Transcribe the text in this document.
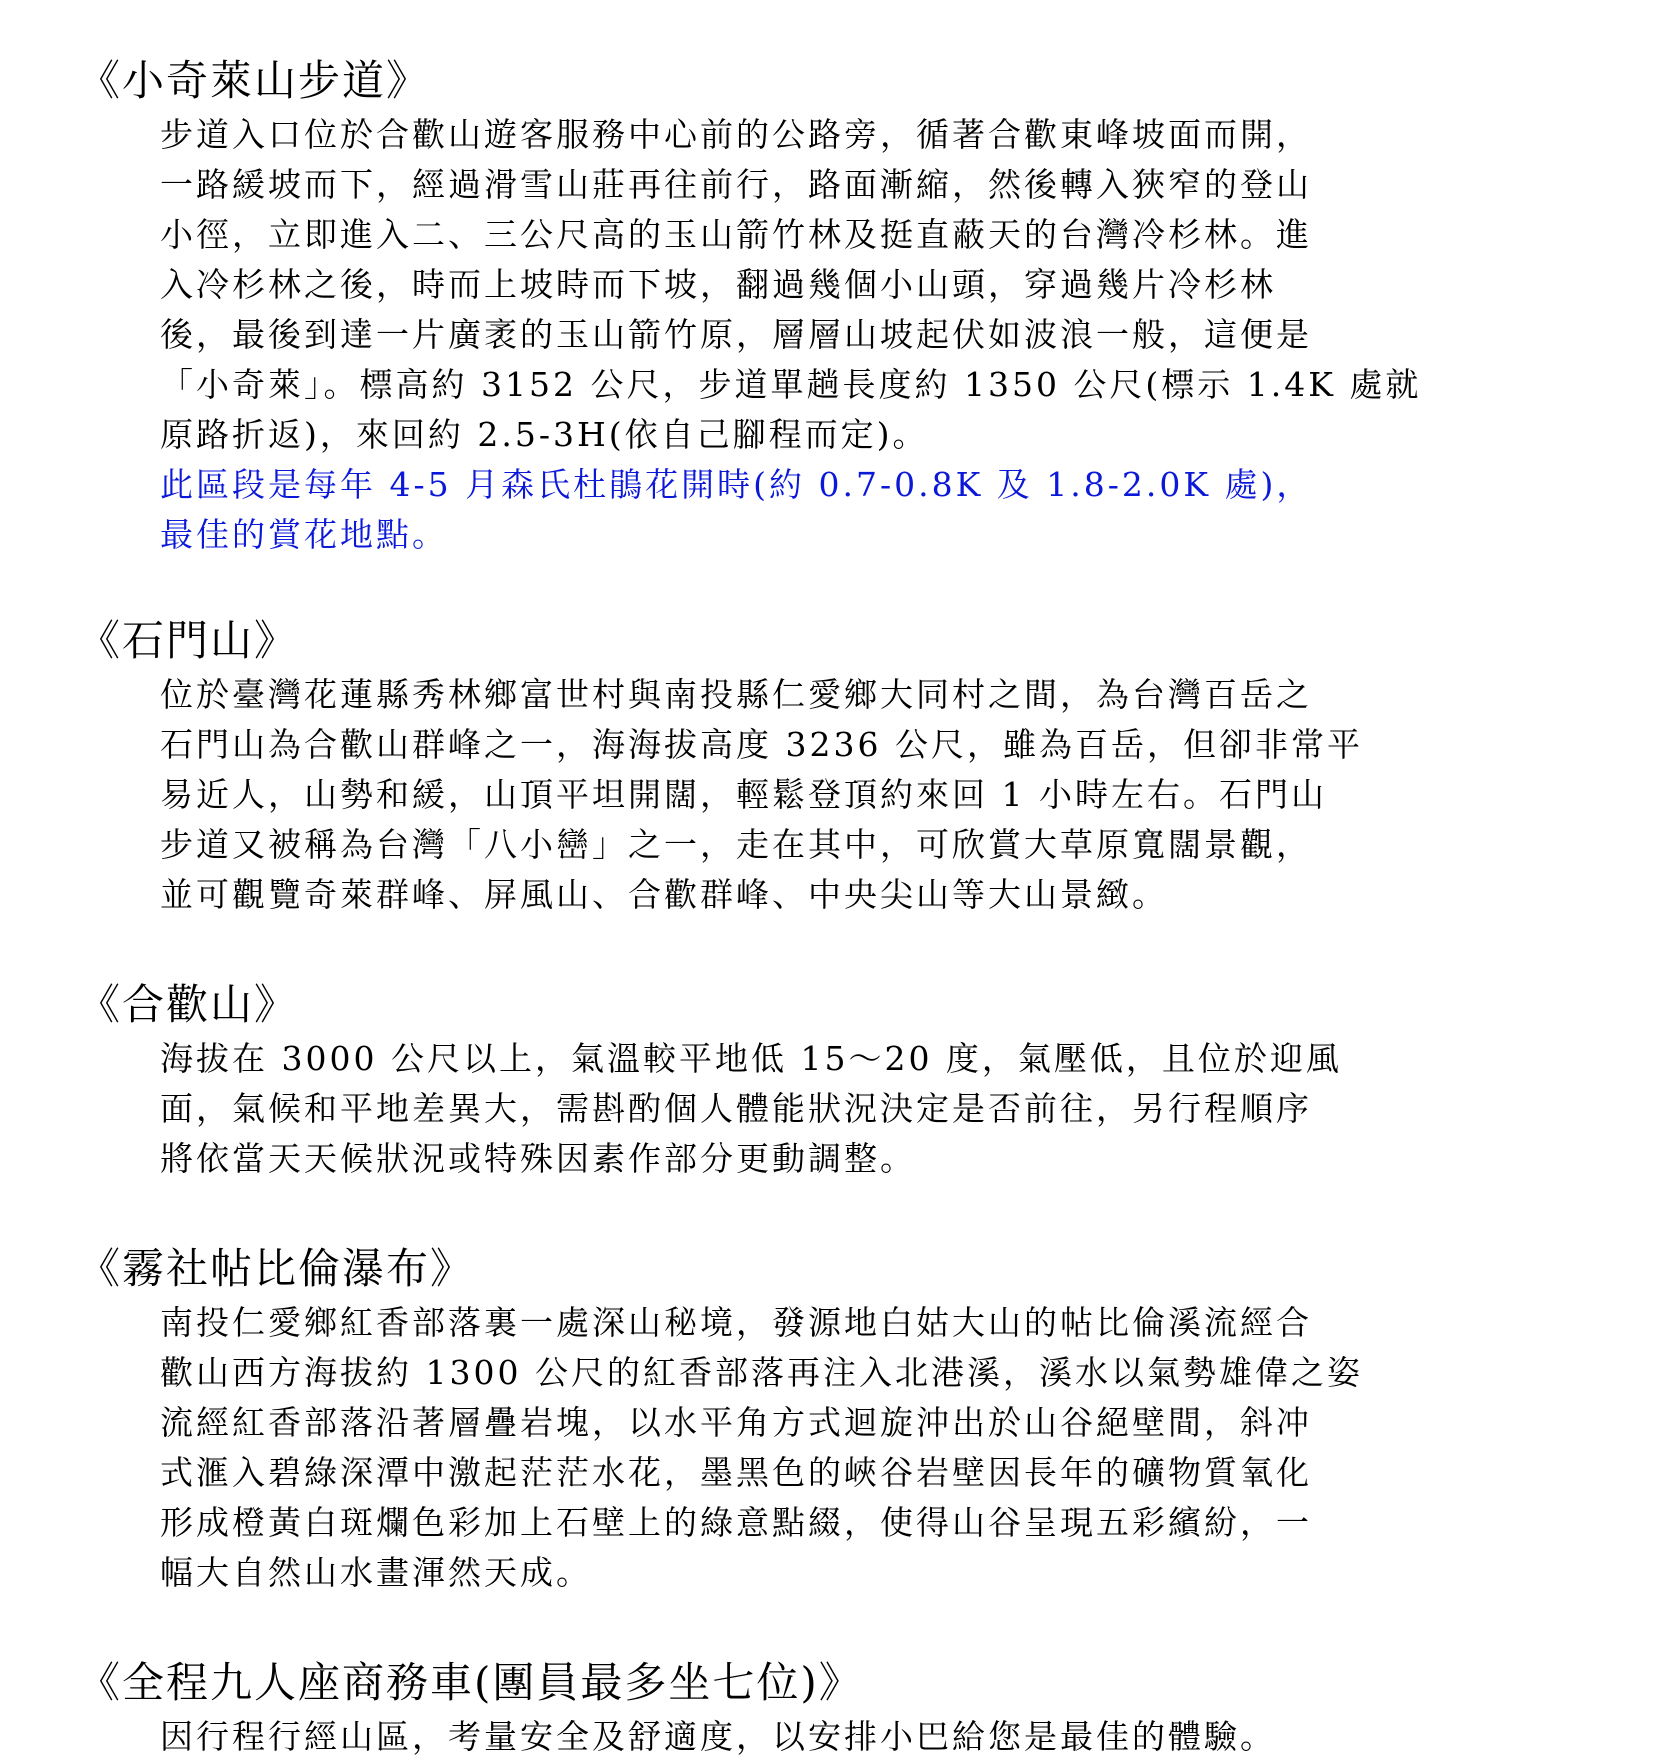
《小奇萊山步道》

步道入口位於合歡山遊客服務中心前的公路旁，循著合歡東峰坡面而開，

一路緩坡而下，經過滑雪山莊再往前行，路面漸縮，然後轉入狹窄的登山

小徑，立即進入二、三公尺高的玉山箭竹林及挺直蔽天的台灣冷杉林。進

入冷杉林之後，時而上坡時而下坡，翻過幾個小山頭，穿過幾片冷杉林

後，最後到達一片廣袤的玉山箭竹原，層層山坡起伏如波浪一般，這便是

「小奇萊」。標高約 3152 公尺，步道單趟長度約 1350 公尺(標示 1.4K 處就

原路折返)，來回約 2.5-3H(依自己腳程而定)。

此區段是每年 4-5 月森氏杜鵑花開時(約 0.7-0.8K 及 1.8-2.0K 處)，

最佳的賞花地點。

《石門山》

位於臺灣花蓮縣秀林鄉富世村與南投縣仁愛鄉大同村之間，為台灣百岳之

石門山為合歡山群峰之一，海海拔高度 3236 公尺，雖為百岳，但卻非常平

易近人，山勢和緩，山頂平坦開闊，輕鬆登頂約來回 1 小時左右。石門山

步道又被稱為台灣「八小巒」之一，走在其中，可欣賞大草原寬闊景觀，

並可觀覽奇萊群峰、屏風山、合歡群峰、中央尖山等大山景緻。

《合歡山》

海拔在 3000 公尺以上，氣溫較平地低 15～20 度，氣壓低，且位於迎風

面，氣候和平地差異大，需斟酌個人體能狀況決定是否前往，另行程順序

將依當天天候狀況或特殊因素作部分更動調整。

《霧社帖比倫瀑布》

南投仁愛鄉紅香部落裏一處深山秘境，發源地白姑大山的帖比倫溪流經合

歡山西方海拔約 1300 公尺的紅香部落再注入北港溪，溪水以氣勢雄偉之姿

流經紅香部落沿著層疊岩塊，以水平角方式迴旋沖出於山谷絕壁間，斜冲

式滙入碧綠深潭中激起茫茫水花，墨黑色的峽谷岩壁因長年的礦物質氧化

形成橙黃白斑爛色彩加上石壁上的綠意點綴，使得山谷呈現五彩繽紛，一

幅大自然山水畫渾然天成。

《全程九人座商務車(團員最多坐七位)》

因行程行經山區，考量安全及舒適度，以安排小巴給您是最佳的體驗。
